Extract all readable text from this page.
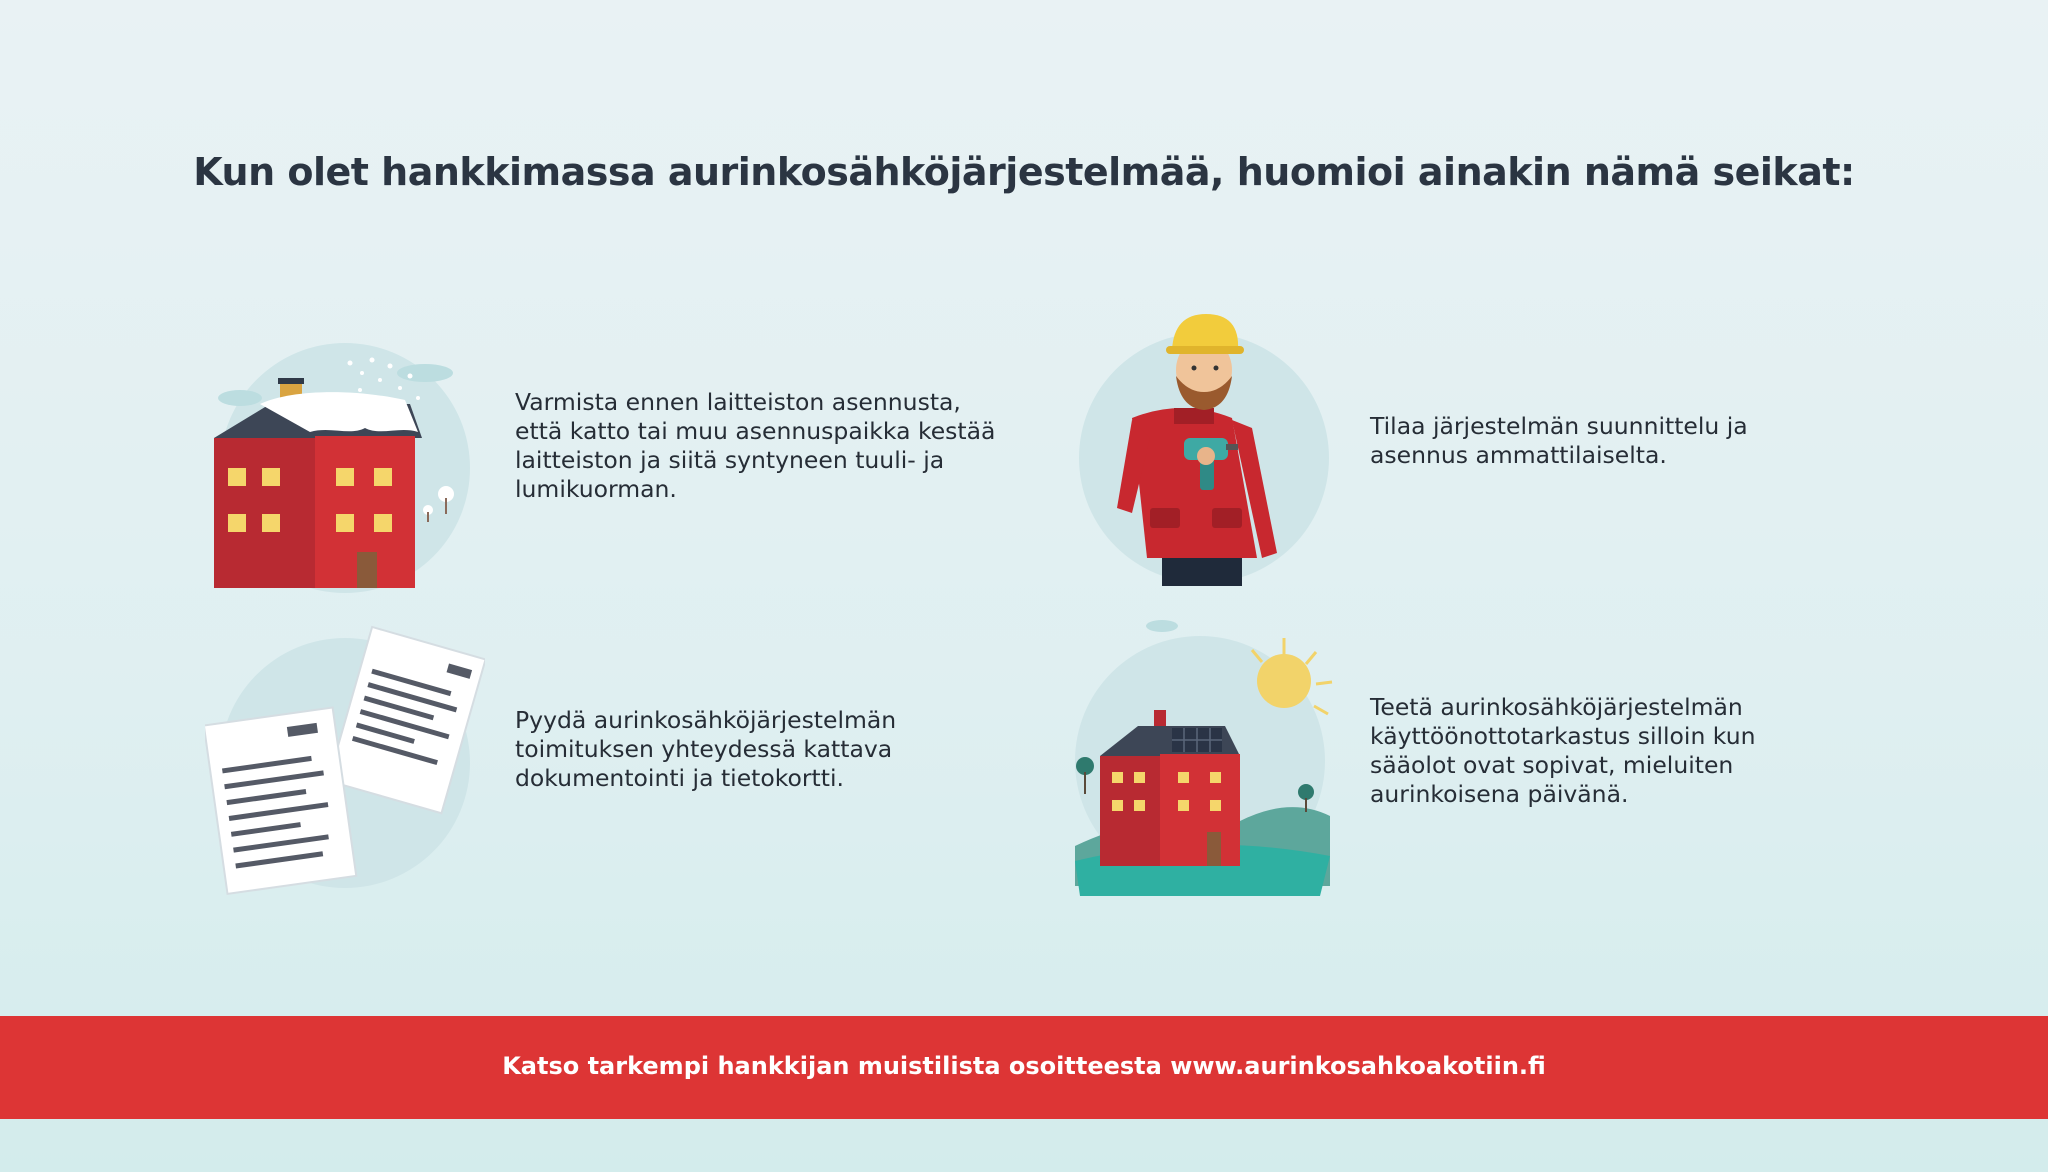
Kun olet hankkimassa aurinkosähköjärjestelmää, huomioi ainakin nämä seikat:
Varmista ennen laitteiston asennusta,
että katto tai muu asennuspaikka kestää
laitteiston ja siitä syntyneen tuuli- ja
lumikuorman.
Tilaa järjestelmän suunnittelu ja
asennus ammattilaiselta.
Pyydä aurinkosähköjärjestelmän
toimituksen yhteydessä kattava
dokumentointi ja tietokortti.
Teetä aurinkosähköjärjestelmän
käyttöönottotarkastus silloin kun
sääolot ovat sopivat, mieluiten
aurinkoisena päivänä.
Katso tarkempi hankkijan muistilista osoitteesta www.aurinkosahkoakotiin.fi
